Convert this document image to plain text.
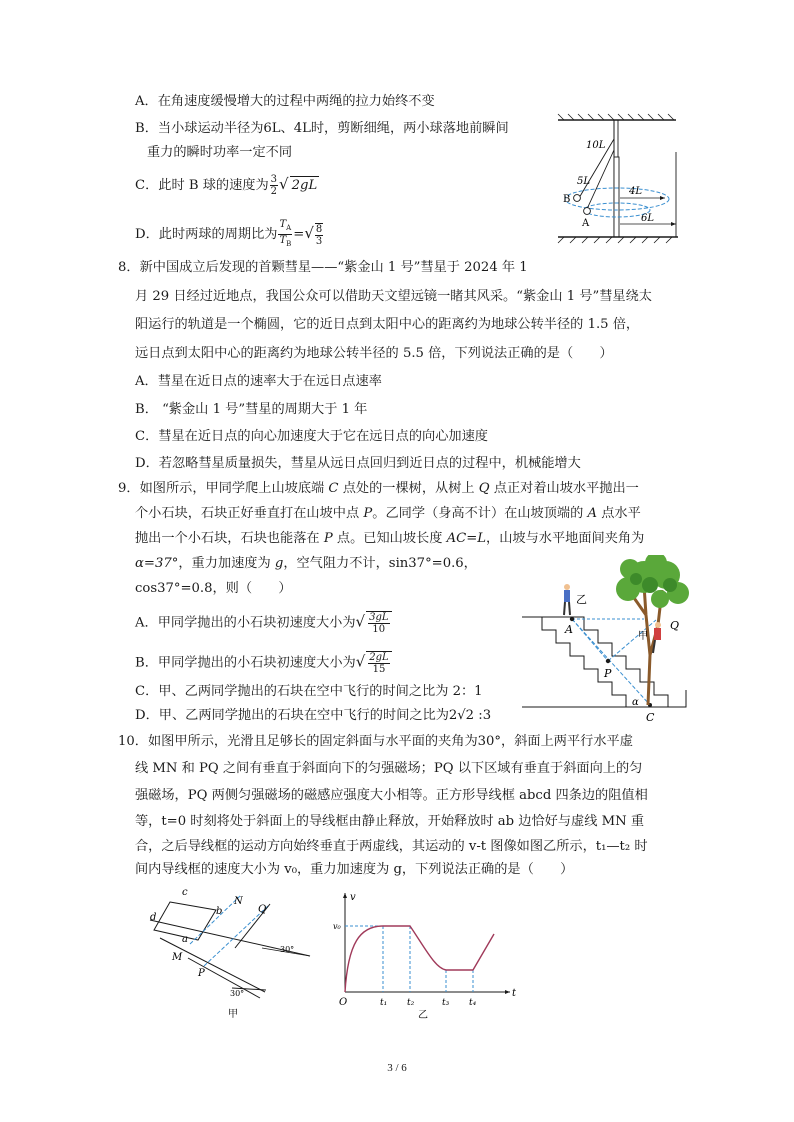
A．在角速度缓慢增大的过程中两绳的拉力始终不变
B．当小球运动半径为6L、4L时，剪断细绳，两小球落地前瞬间
重力的瞬时功率一定不同
C．此时 B 球的速度为 $\frac{3}{2}$ √ 2gL
D．此时两球的周期比为 $\frac{T_A}{T_B}$ =√ $\frac{8}{3}$
10L
5L
B
A
4L
6L
8．新中国成立后发现的首颗彗星——“紫金山 1 号”彗星于 2024 年 1
月 29 日经过近地点，我国公众可以借助天文望远镜一睹其风采。“紫金山 1 号”彗星绕太
阳运行的轨道是一个椭圆，它的近日点到太阳中心的距离约为地球公转半径的 1.5 倍，
远日点到太阳中心的距离约为地球公转半径的 5.5 倍，下列说法正确的是（　　）
A．彗星在近日点的速率大于在远日点速率
B． “紫金山 1 号”彗星的周期大于 1 年
C．彗星在近日点的向心加速度大于它在远日点的向心加速度
D．若忽略彗星质量损失，彗星从远日点回归到近日点的过程中，机械能增大
9．如图所示，甲同学爬上山坡底端 C 点处的一棵树，从树上 Q 点正对着山坡水平抛出一
个小石块，石块正好垂直打在山坡中点 P。乙同学（身高不计）在山坡顶端的 A 点水平
抛出一个小石块，石块也能落在 P 点。已知山坡长度 AC=L，山坡与水平地面间夹角为
α=37°，重力加速度为 g，空气阻力不计，sin37°=0.6，
cos37°=0.8，则（　　）
A．甲同学抛出的小石块初速度大小为√ $\frac{3gL}{10}$
B．甲同学抛出的小石块初速度大小为√ $\frac{2gL}{15}$
C．甲、乙两同学抛出的石块在空中飞行的时间之比为 2：1
D．甲、乙两同学抛出的石块在空中飞行的时间之比为2√2 :3
乙
A
甲
Q
P
α
C
10．如图甲所示，光滑且足够长的固定斜面与水平面的夹角为30°，斜面上两平行水平虚
线 MN 和 PQ 之间有垂直于斜面向下的匀强磁场；PQ 以下区域有垂直于斜面向上的匀
强磁场，PQ 两侧匀强磁场的磁感应强度大小相等。正方形导线框 abcd 四条边的阻值相
等，t=0 时刻将处于斜面上的导线框由静止释放，开始释放时 ab 边恰好与虚线 MN 重
合，之后导线框的运动方向始终垂直于两虚线，其运动的 v-t 图像如图乙所示，t₁—t₂ 时
间内导线框的速度大小为 v₀，重力加速度为 g，下列说法正确的是（　　）
c
d
a
b
N
Q
M
P
30°
30°
甲
v
v₀
O	t₁ t₂	t₃ t₄
t
乙
3 / 6
